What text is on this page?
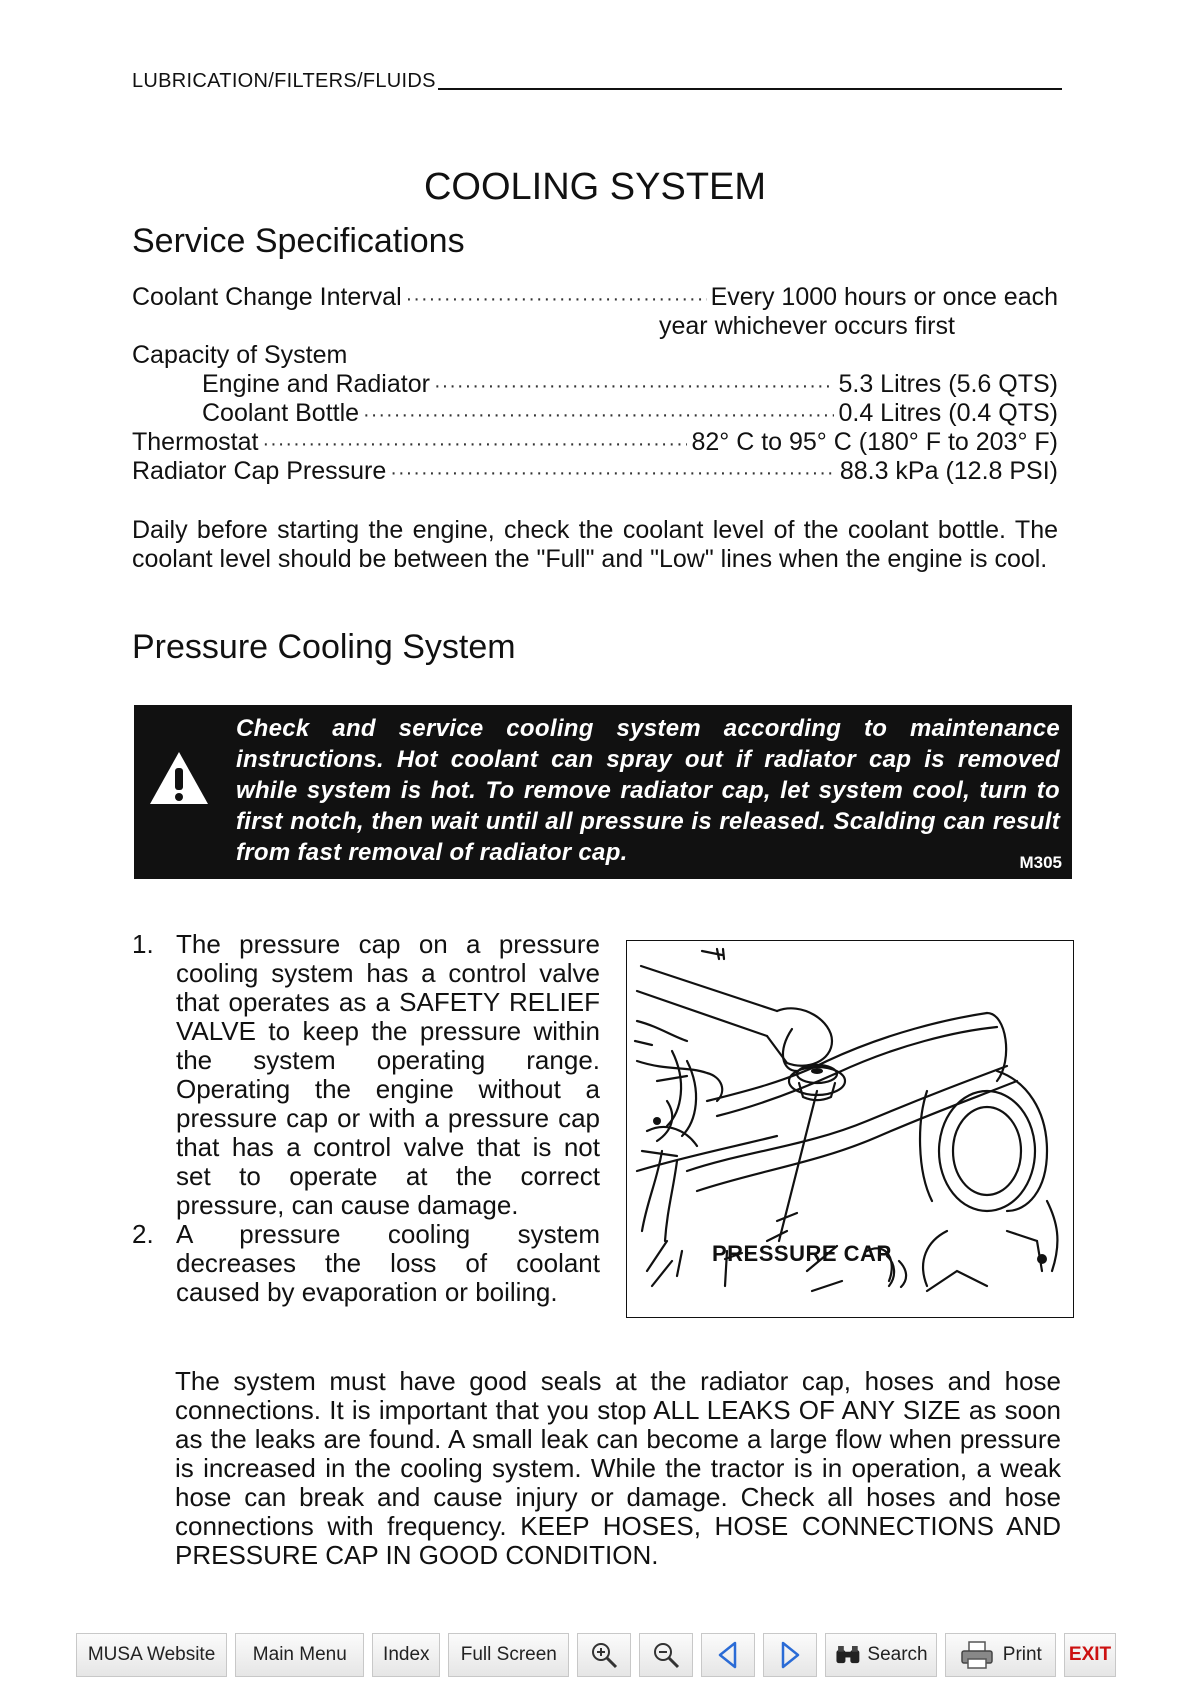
LUBRICATION/FILTERS/FLUIDS
COOLING SYSTEM
Service Specifications
Coolant Change Interval ·····	Every 1000 hours or once each
year whichever occurs first
Capacity of System
Engine and Radiator ·····	5.3 Litres (5.6 QTS)
Coolant Bottle ·····	0.4 Litres (0.4 QTS)
Thermostat ·····	82° C to 95° C (180° F to 203° F)
Radiator Cap Pressure ·····	88.3 kPa (12.8 PSI)
Daily before starting the engine, check the coolant level of the coolant bottle. The coolant level should be between the "Full" and "Low" lines when the engine is cool.
Pressure Cooling System
Check and service cooling system according to maintenance instructions. Hot coolant can spray out if radiator cap is removed while system is hot. To remove radiator cap, let system cool, turn to first notch, then wait until all pressure is released. Scalding can result from fast removal of radiator cap.	M305
1. The pressure cap on a pressure cooling system has a control valve that operates as a SAFETY RELIEF VALVE to keep the pressure within the system operating range. Operating the engine without a pressure cap or with a pressure cap that has a control valve that is not set to operate at the correct pressure, can cause damage.
2. A pressure cooling system decreases the loss of coolant caused by evaporation or boiling.
PRESSURE CAP
The system must have good seals at the radiator cap, hoses and hose connections. It is important that you stop ALL LEAKS OF ANY SIZE as soon as the leaks are found. A small leak can become a large flow when pressure is increased in the cooling system. While the tractor is in operation, a weak hose can break and cause injury or damage. Check all hoses and hose connections with frequency. KEEP HOSES, HOSE CONNECTIONS AND PRESSURE CAP IN GOOD CONDITION.
MUSA Website Main Menu Index Full Screen	Search	Print EXIT
